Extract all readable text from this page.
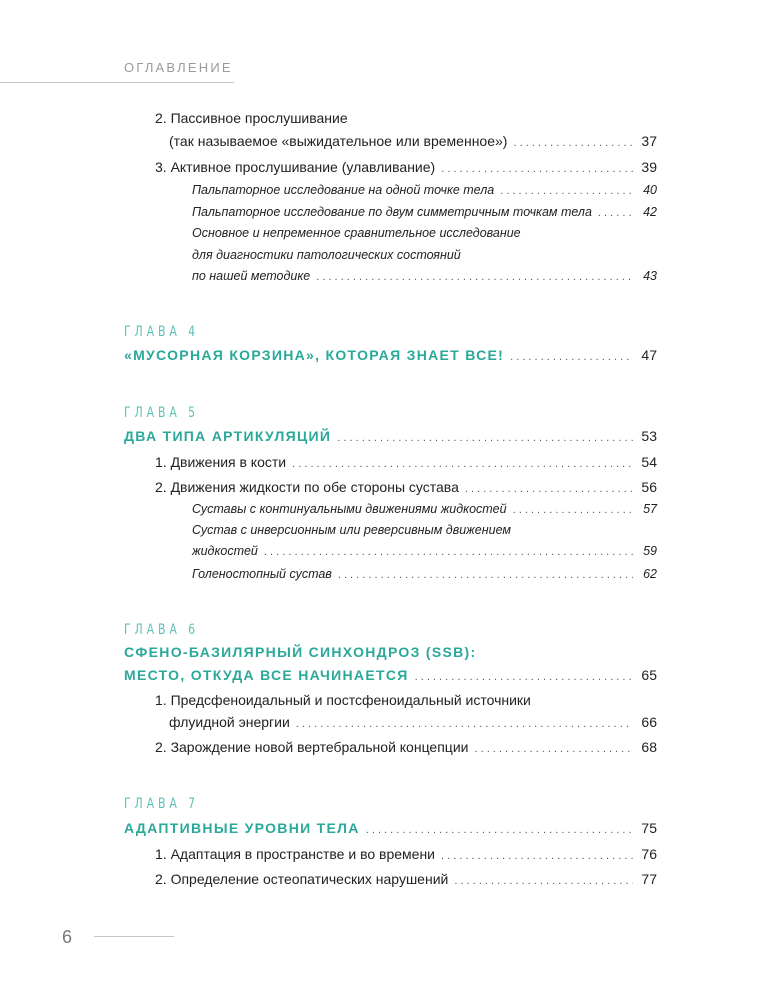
ОГЛАВЛЕНИЕ
2. Пассивное прослушивание
(так называемое «выжидательное или временное») . . .	37
3. Активное прослушивание (улавливание) . . .	39
Пальпаторное исследование на одной точке тела . . .	40
Пальпаторное исследование по двум симметричным точкам тела . . .	42
Основное и непременное сравнительное исследование
для диагностики патологических состояний
по нашей методике . . .	43
ГЛАВА 4
«МУСОРНАЯ КОРЗИНА», КОТОРАЯ ЗНАЕТ ВСЕ! . . .	47
ГЛАВА 5
ДВА ТИПА АРТИКУЛЯЦИЙ . . .	53
1. Движения в кости . . .	54
2. Движения жидкости по обе стороны сустава . . .	56
Суставы с континуальными движениями жидкостей . . .	57
Сустав с инверсионным или реверсивным движением
жидкостей . . .	59
Голеностопный сустав . . .	62
ГЛАВА 6
СФЕНО-БАЗИЛЯРНЫЙ СИНХОНДРОЗ (SSB):
МЕСТО, ОТКУДА ВСЕ НАЧИНАЕТСЯ . . .	65
1. Предсфеноидальный и постсфеноидальный источники
флуидной энергии . . .	66
2. Зарождение новой вертебральной концепции . . .	68
ГЛАВА 7
АДАПТИВНЫЕ УРОВНИ ТЕЛА . . .	75
1. Адаптация в пространстве и во времени . . .	76
2. Определение остеопатических нарушений . . .	77
6
